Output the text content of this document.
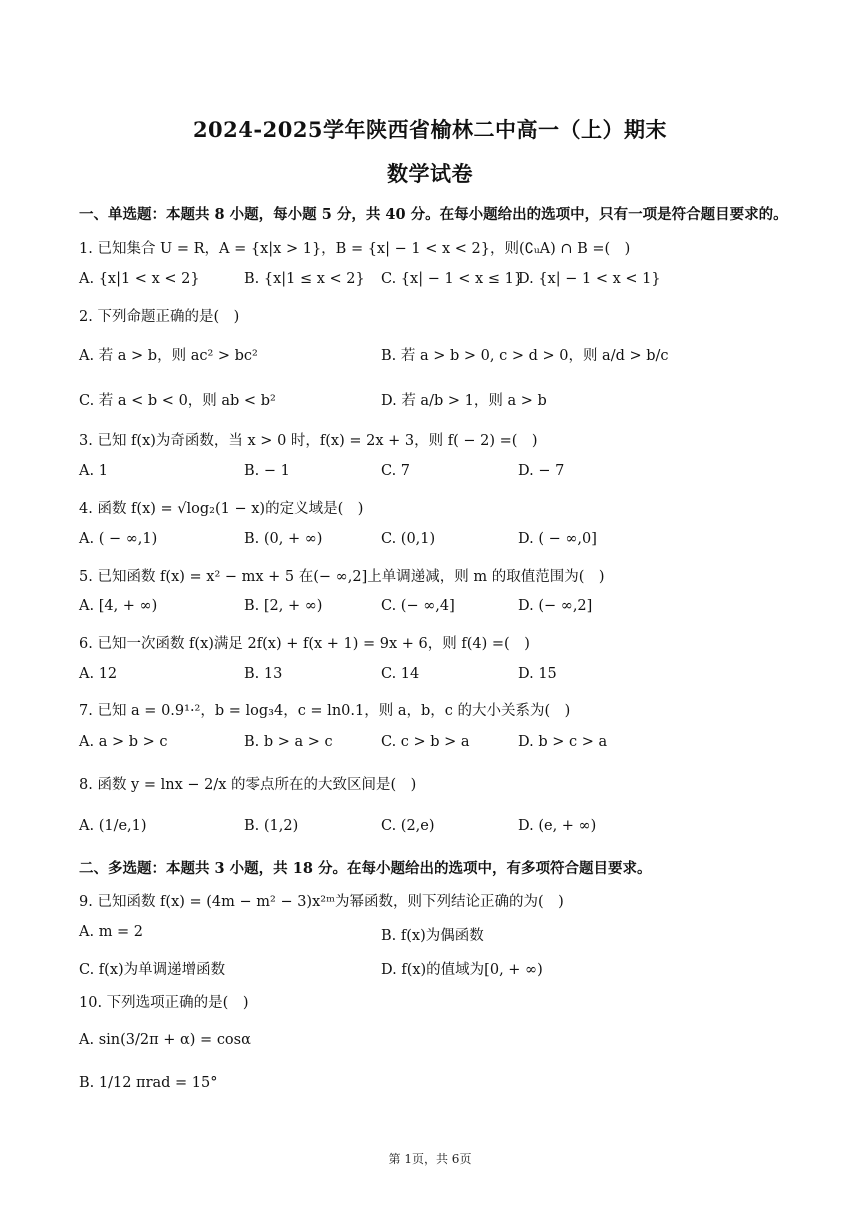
2024-2025学年陕西省榆林二中高一（上）期末
数学试卷
一、单选题：本题共 8 小题，每小题 5 分，共 40 分。在每小题给出的选项中，只有一项是符合题目要求的。
1. 已知集合 U = R，A = {x|x > 1}，B = {x| − 1 < x < 2}，则(∁ᵤA) ∩ B =(　)
A. {x|1 < x < 2}	B. {x|1 ≤ x < 2} C. {x| − 1 < x ≤ 1}
D. {x| − 1 < x < 1}
2. 下列命题正确的是(　)
A. 若 a > b，则 ac² > bc²	B. 若 a > b > 0, c > d > 0，则 a/d > b/c
C. 若 a < b < 0，则 ab < b²	D. 若 a/b > 1，则 a > b
3. 已知 f(x)为奇函数，当 x > 0 时，f(x) = 2x + 3，则 f( − 2) =(　)
A. 1	B. − 1	C. 7	D. − 7
4. 函数 f(x) = √log₂(1 − x)的定义域是(　)
A. ( − ∞,1)	B. (0, + ∞)	C. (0,1)	D. ( − ∞,0]
5. 已知函数 f(x) = x² − mx + 5 在(− ∞,2]上单调递减，则 m 的取值范围为(　)
A. [4, + ∞)	B. [2, + ∞)	C. (− ∞,4]	D. (− ∞,2]
6. 已知一次函数 f(x)满足 2f(x) + f(x + 1) = 9x + 6，则 f(4) =(　)
A. 12	B. 13	C. 14	D. 15
7. 已知 a = 0.9¹·²，b = log₃4，c = ln0.1，则 a，b，c 的大小关系为(　)
A. a > b > c	B. b > a > c	C. c > b > a	D. b > c > a
8. 函数 y = lnx − 2/x 的零点所在的大致区间是(　)
A. (1/e,1)	B. (1,2)	C. (2,e)	D. (e, + ∞)
二、多选题：本题共 3 小题，共 18 分。在每小题给出的选项中，有多项符合题目要求。
9. 已知函数 f(x) = (4m − m² − 3)x²ᵐ为幂函数，则下列结论正确的为(　)
A. m = 2	B. f(x)为偶函数
C. f(x)为单调递增函数	D. f(x)的值域为[0, + ∞)
10. 下列选项正确的是(　)
A. sin(3/2π + α) = cosα
B. 1/12 πrad = 15°
第 1页，共 6页
